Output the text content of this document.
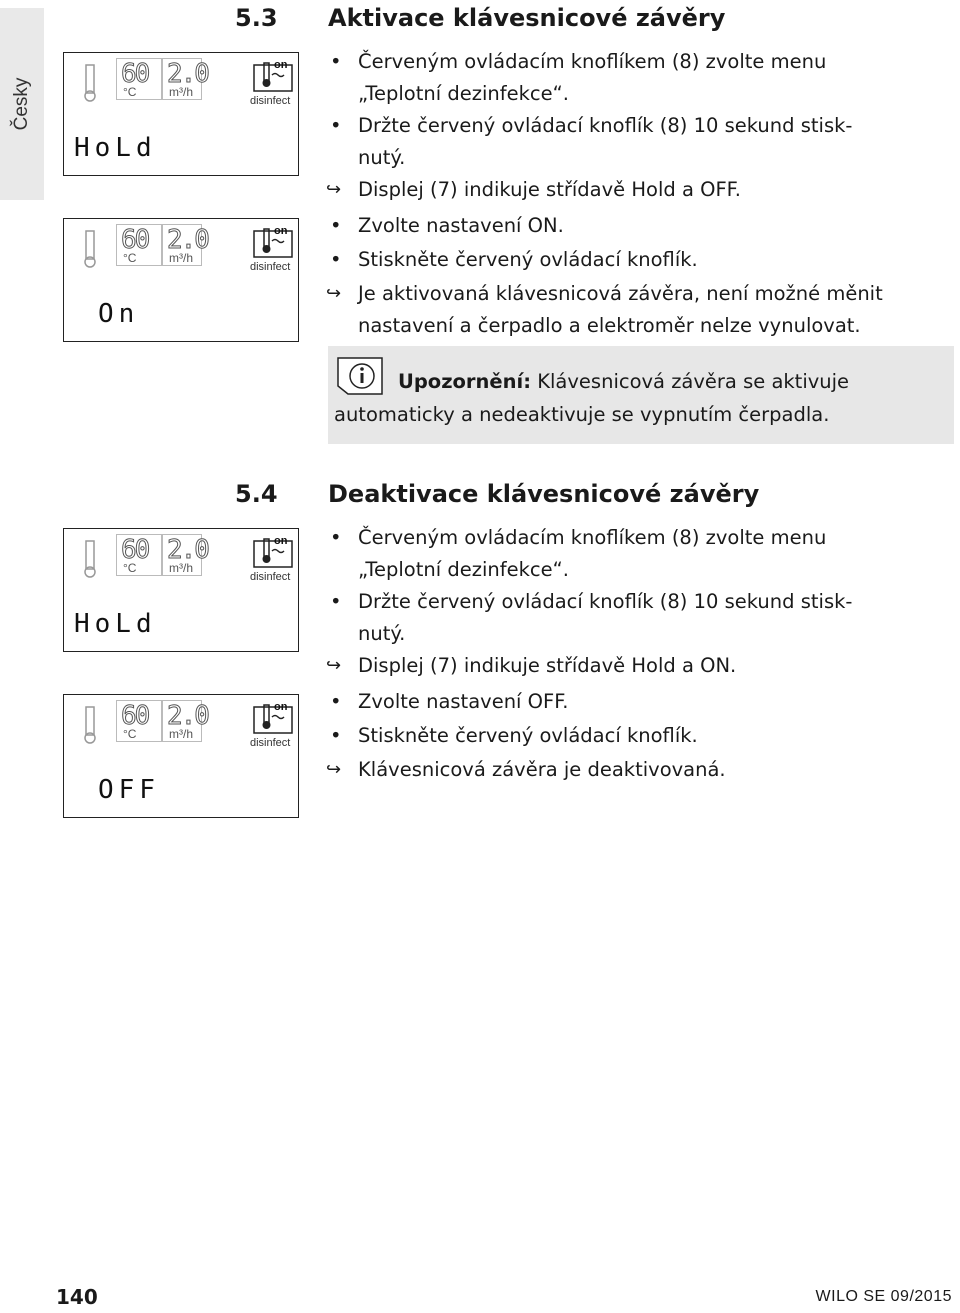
Česky
60
°C
2.0
m³/h
on
disinfect
HoLd
60
°C
2.0
m³/h
on
disinfect
On
60
°C
2.0
m³/h
on
disinfect
HoLd
60
°C
2.0
m³/h
on
disinfect
OFF
5.3 Aktivace klávesnicové závěry
• Červeným ovládacím knoflíkem (8) zvolte menu
„Teplotní dezinfekce“.
• Držte červený ovládací knoflík (8) 10 sekund stisk-
nutý.
↪ Displej (7) indikuje střídavě Hold a OFF.
• Zvolte nastavení ON.
• Stiskněte červený ovládací knoflík.
↪ Je aktivovaná klávesnicová závěra, není možné měnit
nastavení a čerpadlo a elektroměr nelze vynulovat.
Upozornění: Klávesnicová závěra se aktivuje
automaticky a nedeaktivuje se vypnutím čerpadla.
5.4 Deaktivace klávesnicové závěry
• Červeným ovládacím knoflíkem (8) zvolte menu
„Teplotní dezinfekce“.
• Držte červený ovládací knoflík (8) 10 sekund stisk-
nutý.
↪ Displej (7) indikuje střídavě Hold a ON.
• Zvolte nastavení OFF.
• Stiskněte červený ovládací knoflík.
↪ Klávesnicová závěra je deaktivovaná.
140	WILO SE 09/2015
